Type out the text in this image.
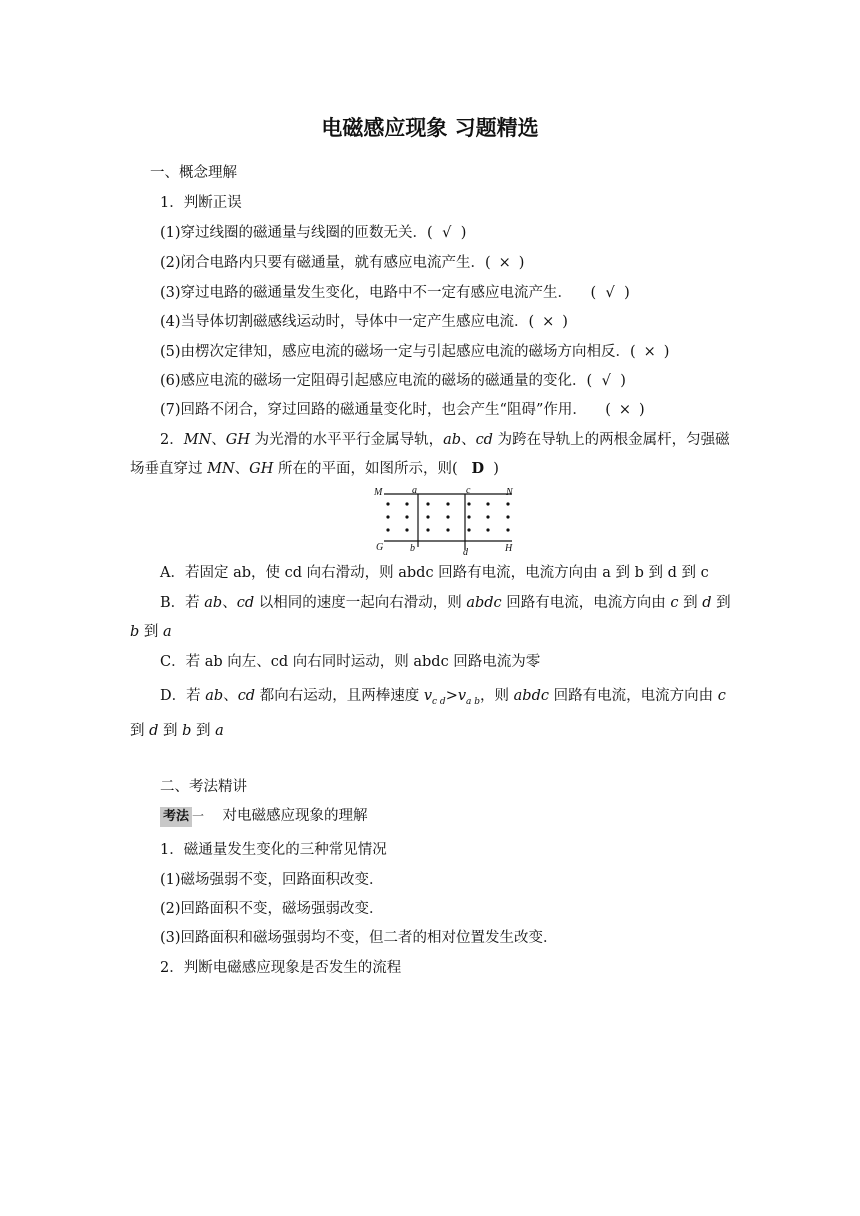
电磁感应现象 习题精选
一、概念理解
1．判断正误
(1)穿过线圈的磁通量与线圈的匝数无关．( √ )
(2)闭合电路内只要有磁通量，就有感应电流产生．( × )
(3)穿过电路的磁通量发生变化，电路中不一定有感应电流产生．    ( √ )
(4)当导体切割磁感线运动时，导体中一定产生感应电流．( × )
(5)由楞次定律知，感应电流的磁场一定与引起感应电流的磁场方向相反．( × )
(6)感应电流的磁场一定阻碍引起感应电流的磁场的磁通量的变化．( √ )
(7)回路不闭合，穿过回路的磁通量变化时，也会产生“阻碍”作用．    ( × )
2．MN、GH 为光滑的水平平行金属导轨，ab、cd 为跨在导轨上的两根金属杆，匀强磁
场垂直穿过 MN、GH 所在的平面，如图所示，则(   D  )
M	a	c	N
G	b	d	H
A．若固定 ab，使 cd 向右滑动，则 abdc 回路有电流，电流方向由 a 到 b 到 d 到 c
B．若 ab、cd 以相同的速度一起向右滑动，则 abdc 回路有电流，电流方向由 c 到 d 到
b 到 a
C．若 ab 向左、cd 向右同时运动，则 abdc 回路电流为零
D．若 ab、cd 都向右运动，且两棒速度 $v_{c d}>v_{a b}$，则 abdc 回路有电流，电流方向由 c
到 d 到 b 到 a
二、考法精讲
考法 一 对电磁感应现象的理解
1．磁通量发生变化的三种常见情况
(1)磁场强弱不变，回路面积改变．
(2)回路面积不变，磁场强弱改变．
(3)回路面积和磁场强弱均不变，但二者的相对位置发生改变．
2．判断电磁感应现象是否发生的流程
